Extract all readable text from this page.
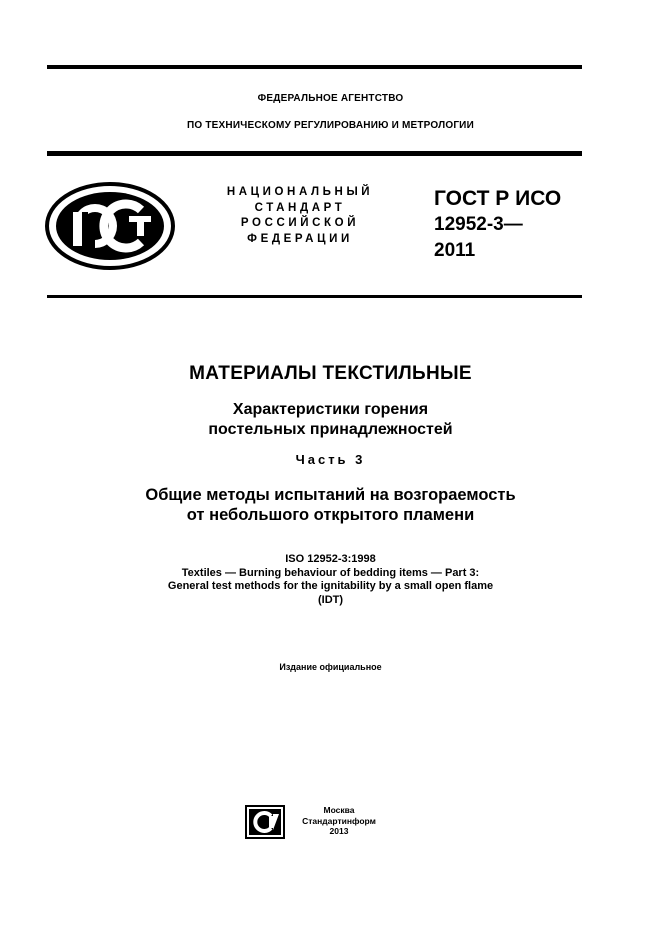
ФЕДЕРАЛЬНОЕ АГЕНТСТВО
ПО ТЕХНИЧЕСКОМУ РЕГУЛИРОВАНИЮ И МЕТРОЛОГИИ
НАЦИОНАЛЬНЫЙ
СТАНДАРТ
РОССИЙСКОЙ
ФЕДЕРАЦИИ
ГОСТ Р ИСО
12952-3—
2011
МАТЕРИАЛЫ ТЕКСТИЛЬНЫЕ
Характеристики горения
постельных принадлежностей
Часть 3
Общие методы испытаний на возгораемость
от небольшого открытого пламени
ISO 12952-3:1998
Textiles — Burning behaviour of bedding items — Part 3:
General test methods for the ignitability by a small open flame
(IDT)
Издание официальное
Москва
Стандартинформ
2013
